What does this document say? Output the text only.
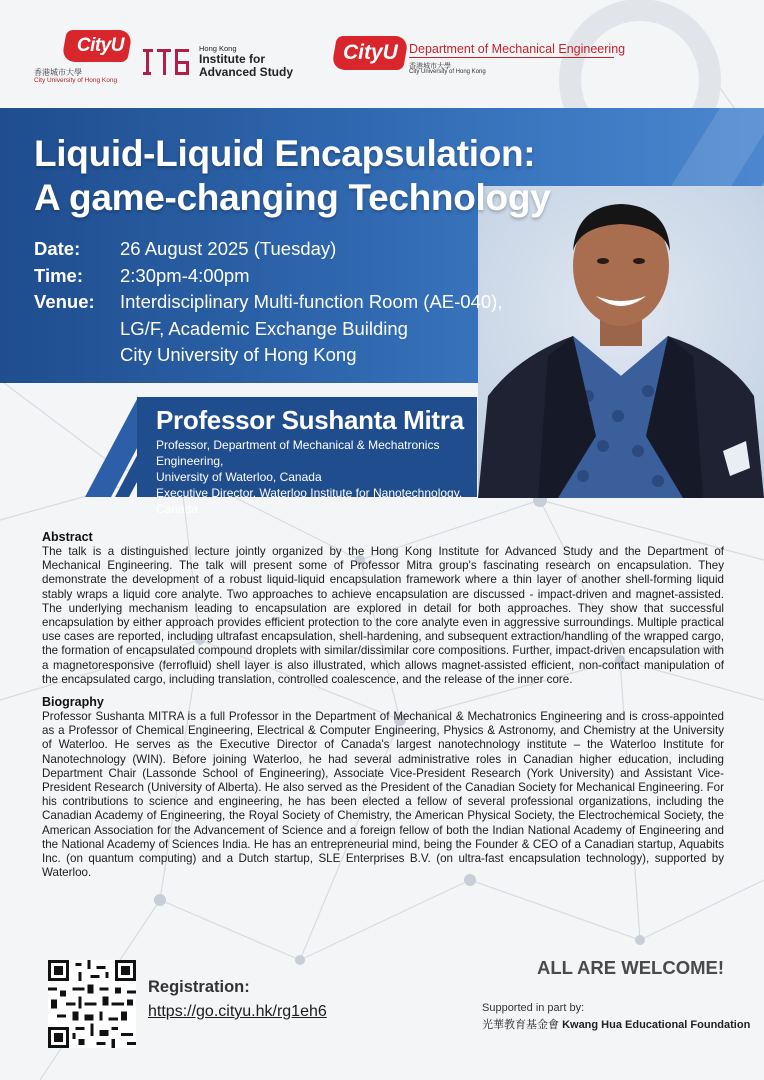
CityU
香港城市大學
City University of Hong Kong
Hong Kong
Institute for
Advanced Study
CityU Department of Mechanical Engineering
香港城市大學
City University of Hong Kong
Liquid-Liquid Encapsulation:
A game-changing Technology
Date:	26 August 2025 (Tuesday)
Time:	2:30pm-4:00pm
Venue:	Interdisciplinary Multi-function Room (AE-040),
LG/F, Academic Exchange Building
City University of Hong Kong
Professor Sushanta Mitra
Professor, Department of Mechanical & Mechatronics Engineering,
University of Waterloo, Canada
Executive Director, Waterloo Institute for Nanotechnology, Canada
Abstract

The talk is a distinguished lecture jointly organized by the Hong Kong Institute for Advanced Study and the Department of Mechanical Engineering. The talk will present some of Professor Mitra group's fascinating research on encapsulation. They demonstrate the development of a robust liquid-liquid encapsulation framework where a thin layer of another shell-forming liquid stably wraps a liquid core analyte. Two approaches to achieve encapsulation are discussed - impact-driven and magnet-assisted. The underlying mechanism leading to encapsulation are explored in detail for both approaches. They show that successful encapsulation by either approach provides efficient protection to the core analyte even in aggressive surroundings. Multiple practical use cases are reported, including ultrafast encapsulation, shell-hardening, and subsequent extraction/handling of the wrapped cargo, the formation of encapsulated compound droplets with similar/dissimilar core compositions. Further, impact-driven encapsulation with a magnetoresponsive (ferrofluid) shell layer is also illustrated, which allows magnet-assisted efficient, non-contact manipulation of the encapsulated cargo, including translation, controlled coalescence, and the release of the inner core.

Biography

Professor Sushanta MITRA is a full Professor in the Department of Mechanical & Mechatronics Engineering and is cross-appointed as a Professor of Chemical Engineering, Electrical & Computer Engineering, Physics & Astronomy, and Chemistry at the University of Waterloo. He serves as the Executive Director of Canada's largest nanotechnology institute – the Waterloo Institute for Nanotechnology (WIN). Before joining Waterloo, he had several administrative roles in Canadian higher education, including Department Chair (Lassonde School of Engineering), Associate Vice-President Research (York University) and Assistant Vice-President Research (University of Alberta). He also served as the President of the Canadian Society for Mechanical Engineering. For his contributions to science and engineering, he has been elected a fellow of several professional organizations, including the Canadian Academy of Engineering, the Royal Society of Chemistry, the American Physical Society, the Electrochemical Society, the American Association for the Advancement of Science and a foreign fellow of both the Indian National Academy of Engineering and the National Academy of Sciences India. He has an entrepreneurial mind, being the Founder & CEO of a Canadian startup, Aquabits Inc. (on quantum computing) and a Dutch startup, SLE Enterprises B.V. (on ultra-fast encapsulation technology), supported by Waterloo.

Registration:
https://go.cityu.hk/rg1eh6
ALL ARE WELCOME!
Supported in part by:
光華教育基金會 Kwang Hua Educational Foundation
